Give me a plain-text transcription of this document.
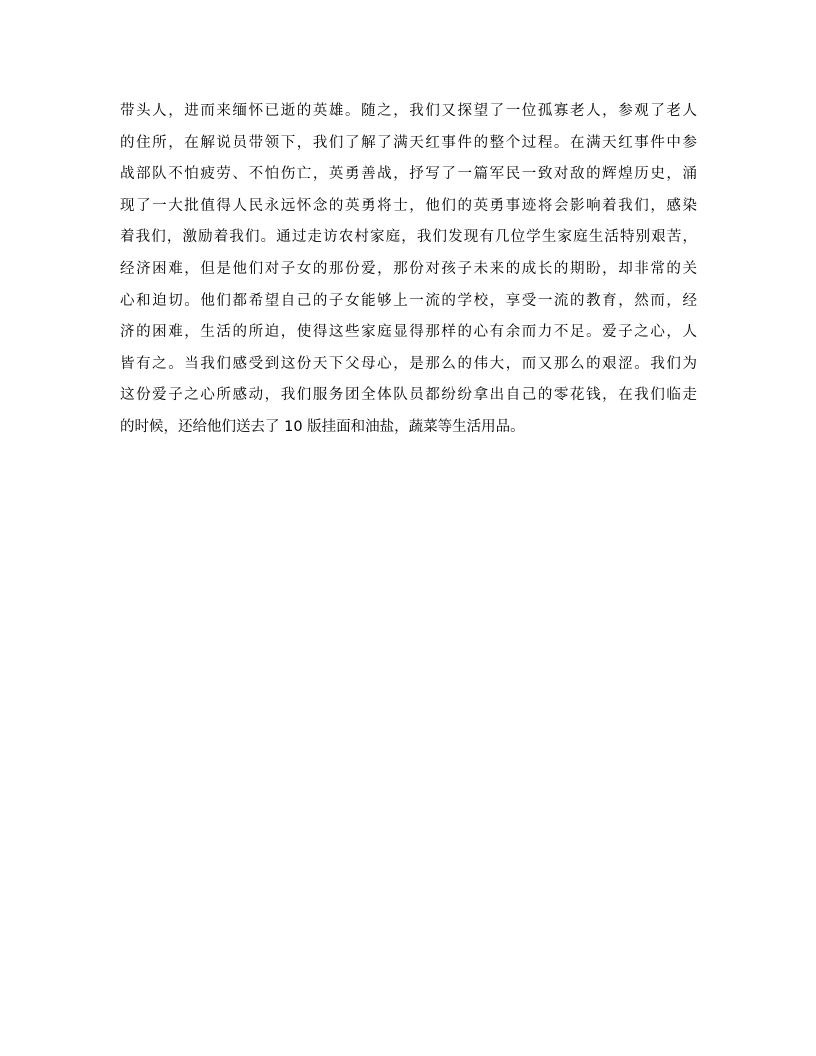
带头人，进而来缅怀已逝的英雄。随之，我们又探望了一位孤寡老人，参观了老人
的住所，在解说员带领下，我们了解了满天红事件的整个过程。在满天红事件中参
战部队不怕疲劳、不怕伤亡，英勇善战，抒写了一篇军民一致对敌的辉煌历史，涌
现了一大批值得人民永远怀念的英勇将士，他们的英勇事迹将会影响着我们，感染
着我们，激励着我们。通过走访农村家庭，我们发现有几位学生家庭生活特别艰苦，
经济困难，但是他们对子女的那份爱，那份对孩子未来的成长的期盼，却非常的关
心和迫切。他们都希望自己的子女能够上一流的学校，享受一流的教育，然而，经
济的困难，生活的所迫，使得这些家庭显得那样的心有余而力不足。爱子之心，人
皆有之。当我们感受到这份天下父母心，是那么的伟大，而又那么的艰涩。我们为
这份爱子之心所感动，我们服务团全体队员都纷纷拿出自己的零花钱，在我们临走
的时候，还给他们送去了 10 版挂面和油盐，蔬菜等生活用品。
